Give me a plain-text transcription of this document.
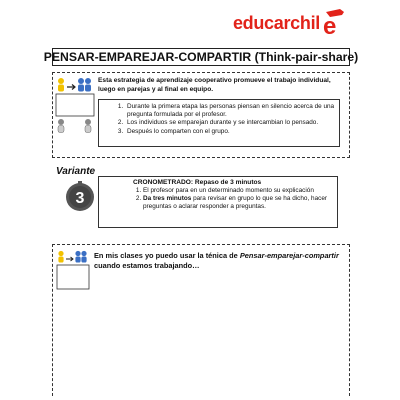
educarchil e
PENSAR-EMPAREJAR-COMPARTIR (Think-pair-share)
Esta estrategia de aprendizaje cooperativo promueve el trabajo individual, luego en parejas y al final en equipo.
1. Durante la primera etapa las personas piensan en silencio acerca de una pregunta formulada por el profesor.
2. Los individuos se emparejan durante y se intercambian lo pensado.
3. Después lo comparten con el grupo.
Variante
3
CRONOMETRADO: Repaso de 3 minutos
1. El profesor para en un determinado momento su explicación
2. Da tres minutos para revisar en grupo lo que se ha dicho, hacer preguntas o aclarar responder a preguntas.
En mis clases yo puedo usar la ténica de Pensar-emparejar-compartir cuando estamos trabajando…
